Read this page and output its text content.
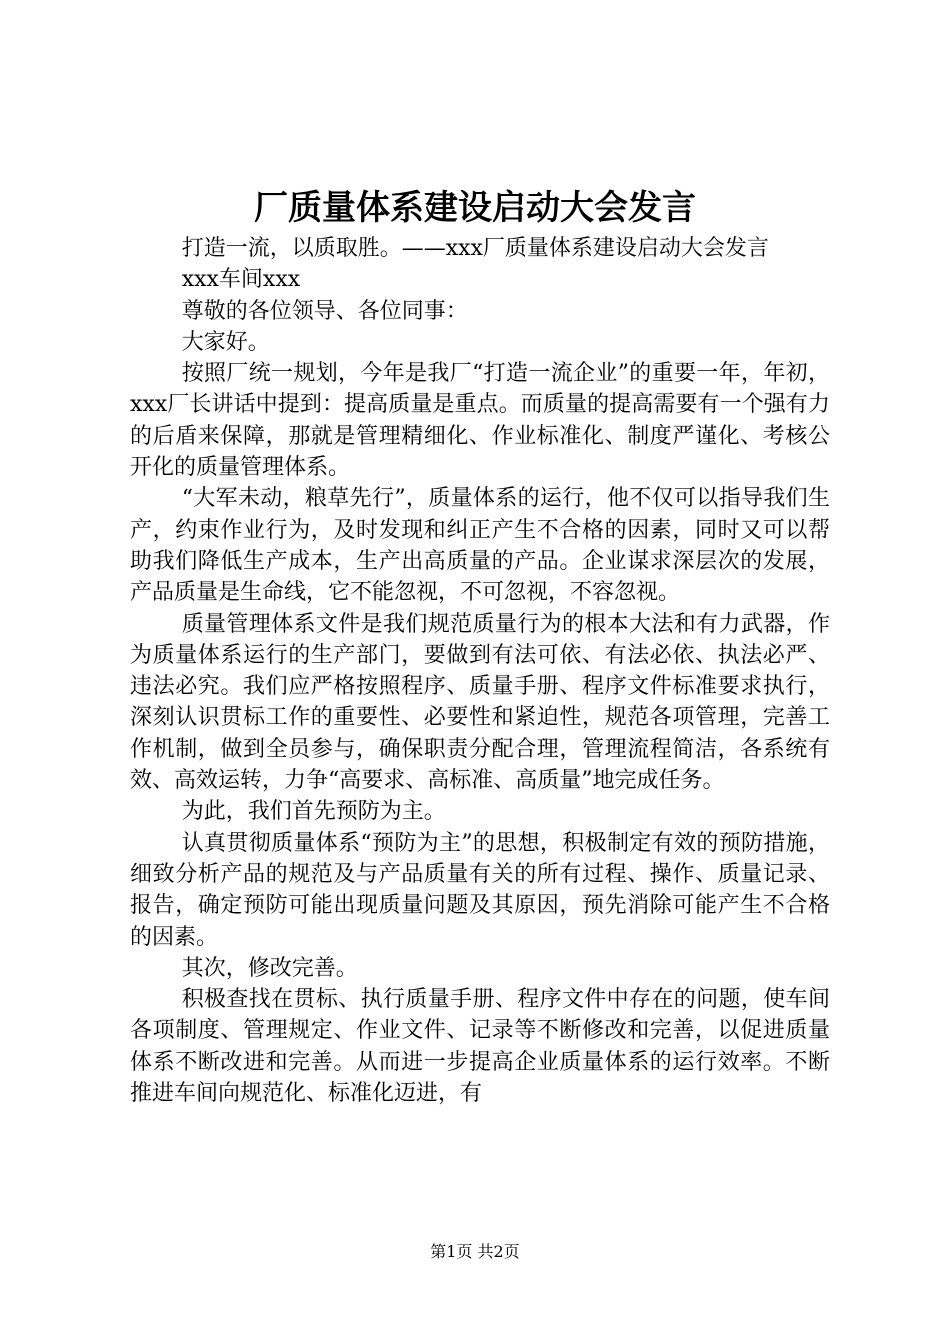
厂质量体系建设启动大会发言

打造一流，以质取胜。——xxx厂质量体系建设启动大会发言

xxx车间xxx

尊敬的各位领导、各位同事：

大家好。

按照厂统一规划，今年是我厂“打造一流企业”的重要一年，年初，xxx厂长讲话中提到：提高质量是重点。而质量的提高需要有一个强有力的后盾来保障，那就是管理精细化、作业标准化、制度严谨化、考核公开化的质量管理体系。

“大军未动，粮草先行”，质量体系的运行，他不仅可以指导我们生产，约束作业行为，及时发现和纠正产生不合格的因素，同时又可以帮助我们降低生产成本，生产出高质量的产品。企业谋求深层次的发展，产品质量是生命线，它不能忽视，不可忽视，不容忽视。

质量管理体系文件是我们规范质量行为的根本大法和有力武器，作为质量体系运行的生产部门，要做到有法可依、有法必依、执法必严、违法必究。我们应严格按照程序、质量手册、程序文件标准要求执行，深刻认识贯标工作的重要性、必要性和紧迫性，规范各项管理，完善工作机制，做到全员参与，确保职责分配合理，管理流程简洁，各系统有效、高效运转，力争“高要求、高标准、高质量”地完成任务。

为此，我们首先预防为主。

认真贯彻质量体系“预防为主”的思想，积极制定有效的预防措施，细致分析产品的规范及与产品质量有关的所有过程、操作、质量记录、报告，确定预防可能出现质量问题及其原因，预先消除可能产生不合格的因素。

其次，修改完善。

积极查找在贯标、执行质量手册、程序文件中存在的问题，使车间各项制度、管理规定、作业文件、记录等不断修改和完善，以促进质量体系不断改进和完善。从而进一步提高企业质量体系的运行效率。不断推进车间向规范化、标准化迈进，有

第1页 共2页
